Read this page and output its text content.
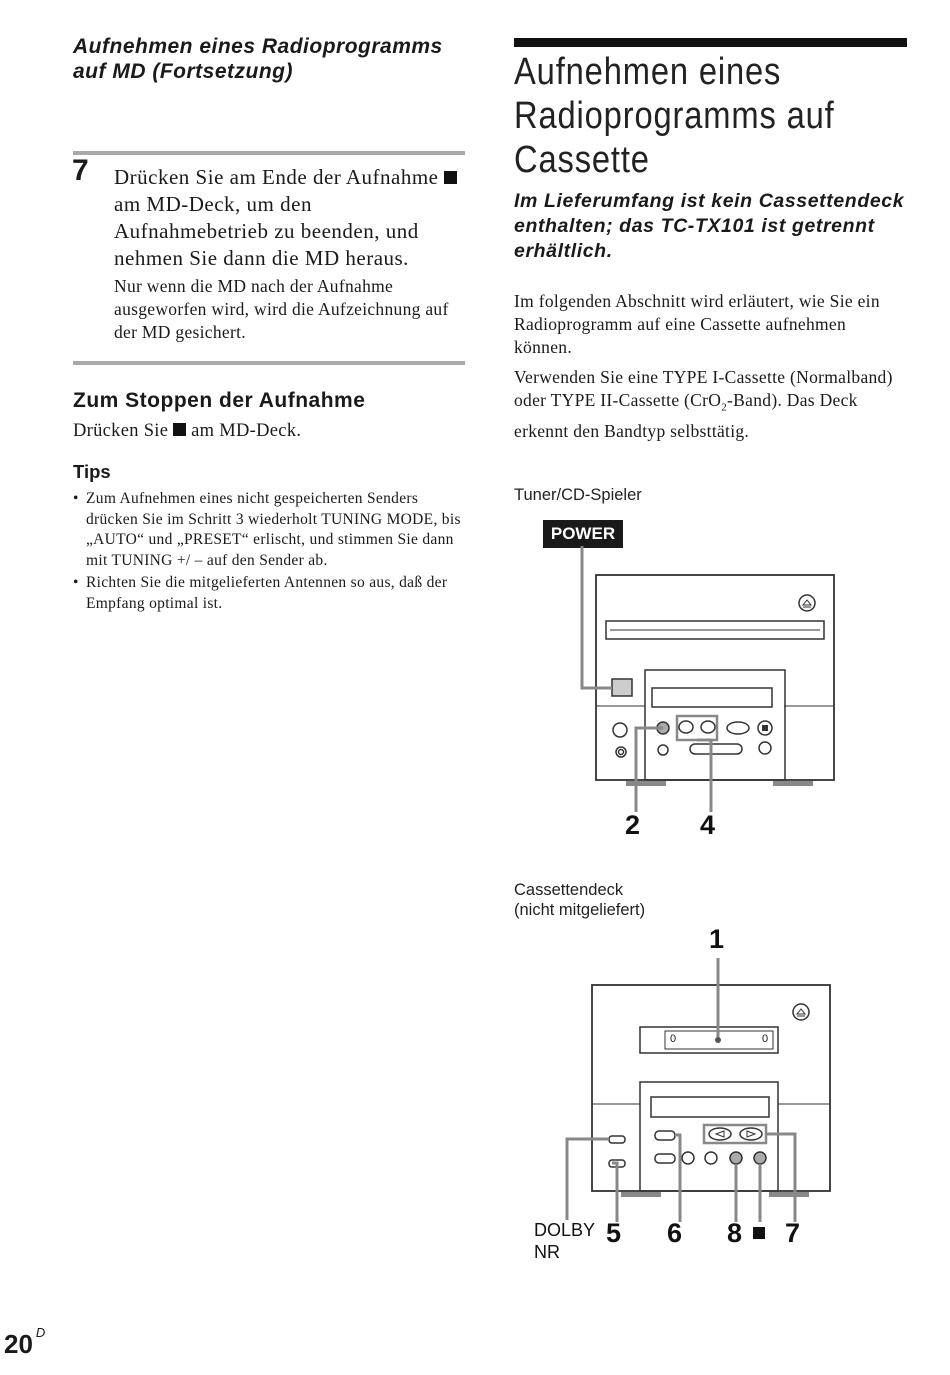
Aufnehmen eines Radioprogramms auf MD (Fortsetzung)
7 Drücken Sie am Ende der Aufnahme  am MD-Deck, um den Aufnahmebetrieb zu beenden, und nehmen Sie dann die MD heraus.
Nur wenn die MD nach der Aufnahme ausgeworfen wird, wird die Aufzeichnung auf der MD gesichert.
Zum Stoppen der Aufnahme
Drücken Sie am MD-Deck.
Tips
• Zum Aufnehmen eines nicht gespeicherten Senders drücken Sie im Schritt 3 wiederholt TUNING MODE, bis „AUTO“ und „PRESET“ erlischt, und stimmen Sie dann mit TUNING +/ – auf den Sender ab.
• Richten Sie die mitgelieferten Antennen so aus, daß der Empfang optimal ist.
Aufnehmen eines Radioprogramms auf Cassette
Im Lieferumfang ist kein Cassettendeck enthalten; das TC-TX101 ist getrennt erhältlich.
Im folgenden Abschnitt wird erläutert, wie Sie ein Radioprogramm auf eine Cassette aufnehmen können.
Verwenden Sie eine TYPE I-Cassette (Normalband) oder TYPE II-Cassette (CrO$_2$-Band). Das Deck erkennt den Bandtyp selbsttätig.
Tuner/CD-Spieler
POWER
2 4
Cassettendeck
(nicht mitgeliefert)
1
0	0
DOLBY
NR
5 6 8 7
20 $^D$
